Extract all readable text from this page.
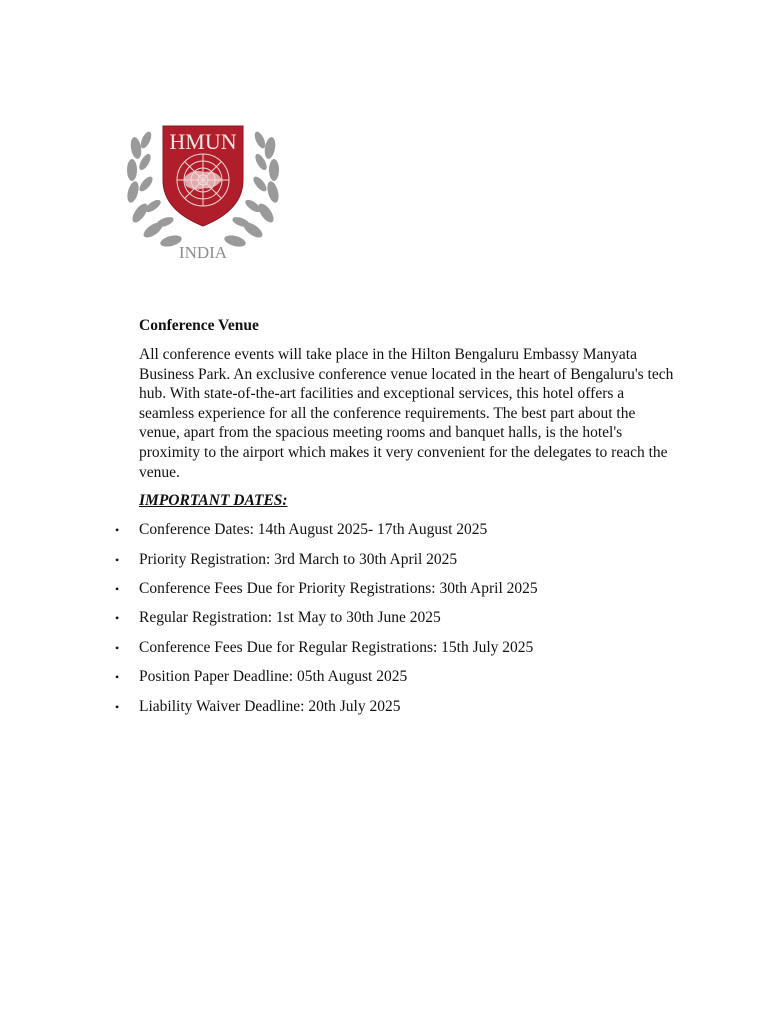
HMUN
INDIA

Conference Venue

All conference events will take place in the Hilton Bengaluru Embassy Manyata Business Park. An exclusive conference venue located in the heart of Bengaluru's tech hub. With state-of-the-art facilities and exceptional services, this hotel offers a seamless experience for all the conference requirements. The best part about the venue, apart from the spacious meeting rooms and banquet halls, is the hotel's proximity to the airport which makes it very convenient for the delegates to reach the venue.

IMPORTANT DATES:

• Conference Dates: 14th August 2025- 17th August 2025
• Priority Registration: 3rd March to 30th April 2025
• Conference Fees Due for Priority Registrations: 30th April 2025
• Regular Registration: 1st May to 30th June 2025
• Conference Fees Due for Regular Registrations: 15th July 2025
• Position Paper Deadline: 05th August 2025
• Liability Waiver Deadline: 20th July 2025
